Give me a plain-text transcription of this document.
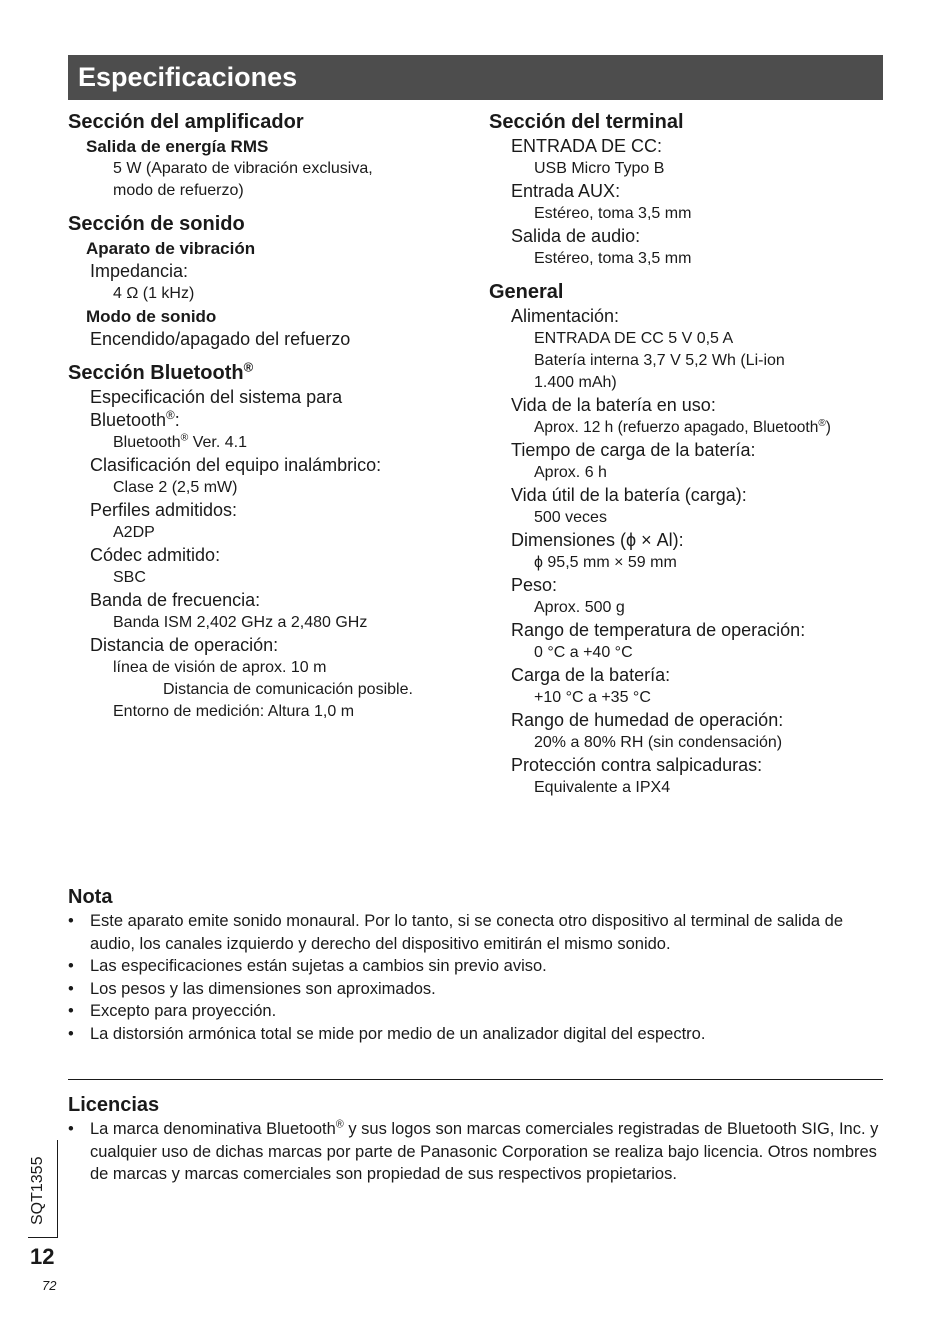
Especificaciones
Sección del amplificador
Salida de energía RMS
5 W (Aparato de vibración exclusiva,
modo de refuerzo)
Sección de sonido
Aparato de vibración
Impedancia:
4 Ω (1 kHz)
Modo de sonido
Encendido/apagado del refuerzo
Sección Bluetooth®
Especificación del sistema para
Bluetooth®:
Bluetooth® Ver. 4.1
Clasificación del equipo inalámbrico:
Clase 2 (2,5 mW)
Perfiles admitidos:
A2DP
Códec admitido:
SBC
Banda de frecuencia:
Banda ISM 2,402 GHz a 2,480 GHz
Distancia de operación:
línea de visión de aprox. 10 m
Distancia de comunicación posible.
Entorno de medición: Altura 1,0 m
Sección del terminal
ENTRADA DE CC:
USB Micro Typo B
Entrada AUX:
Estéreo, toma 3,5 mm
Salida de audio:
Estéreo, toma 3,5 mm
General
Alimentación:
ENTRADA DE CC 5 V 0,5 A
Batería interna 3,7 V 5,2 Wh (Li-ion
1.400 mAh)
Vida de la batería en uso:
Aprox. 12 h (refuerzo apagado, Bluetooth®)
Tiempo de carga de la batería:
Aprox. 6 h
Vida útil de la batería (carga):
500 veces
Dimensiones (ϕ × Al):
ϕ 95,5 mm × 59 mm
Peso:
Aprox. 500 g
Rango de temperatura de operación:
0 °C a +40 °C
Carga de la batería:
+10 °C a +35 °C
Rango de humedad de operación:
20% a 80% RH (sin condensación)
Protección contra salpicaduras:
Equivalente a IPX4
Nota
• Este aparato emite sonido monaural. Por lo tanto, si se conecta otro dispositivo al terminal de salida de audio, los canales izquierdo y derecho del dispositivo emitirán el mismo sonido.
• Las especificaciones están sujetas a cambios sin previo aviso.
• Los pesos y las dimensiones son aproximados.
• Excepto para proyección.
• La distorsión armónica total se mide por medio de un analizador digital del espectro.
Licencias
• La marca denominativa Bluetooth® y sus logos son marcas comerciales registradas de Bluetooth SIG, Inc. y cualquier uso de dichas marcas por parte de Panasonic Corporation se realiza bajo licencia. Otros nombres de marcas y marcas comerciales son propiedad de sus respectivos propietarios.
SQT1355
12
72
